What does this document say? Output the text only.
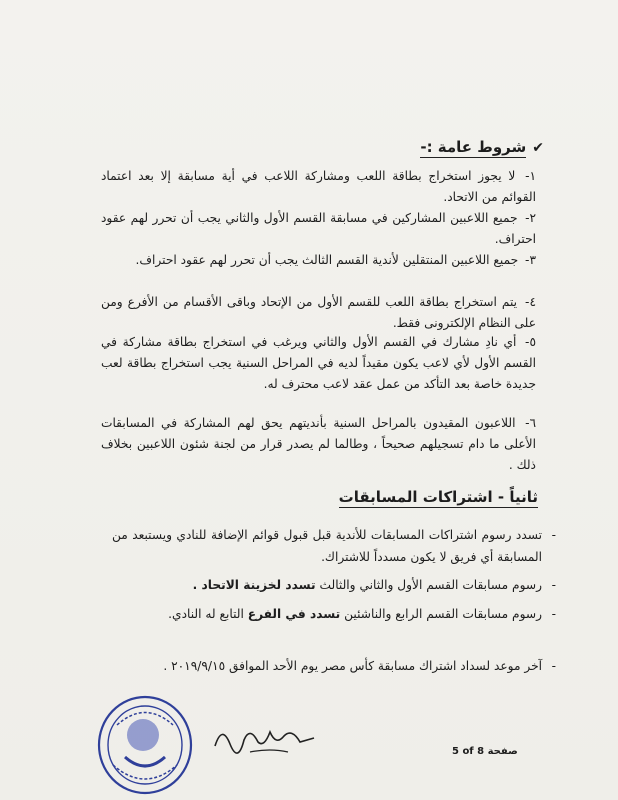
✔
شروط عامة :-
١- لا يجوز استخراج بطاقة اللعب ومشاركة اللاعب في أية مسابقة إلا بعد اعتماد القوائم من الاتحاد.
٢- جميع اللاعبين المشاركين في مسابقة القسم الأول والثاني يجب أن تحرر لهم عقود احتراف.
٣- جميع اللاعبين المنتقلين لأندية القسم الثالث يجب أن تحرر لهم عقود احتراف.
٤- يتم استخراج بطاقة اللعب للقسم الأول من الإتحاد وباقى الأقسام من الأفرع ومن على النظام الإلكترونى فقط.
٥- أي نادِ مشارك في القسم الأول والثاني ويرغب في استخراج بطاقة مشاركة في القسم الأول لأي لاعب يكون مقيداً لديه في المراحل السنية يجب استخراج بطاقة لعب جديدة خاصة بعد التأكد من عمل عقد لاعب محترف له.
٦- اللاعبون المقيدون بالمراحل السنية بأنديتهم يحق لهم المشاركة في المسابقات الأعلى ما دام تسجيلهم صحيحاً ، وطالما لم يصدر قرار من لجنة شئون اللاعبين بخلاف ذلك .
ثانياً - اشتراكات المسابقات
-
تسدد رسوم اشتراكات المسابقات للأندية قبل قبول قوائم الإضافة للنادي ويستبعد من المسابقة أي فريق لا يكون مسدداً للاشتراك.
-
رسوم مسابقات القسم الأول والثاني والثالث تسدد لخزينة الاتحاد .
-
رسوم مسابقات القسم الرابع والناشئين تسدد في الفرع التابع له النادي.
-
آخر موعد لسداد اشتراك مسابقة كأس مصر يوم الأحد الموافق ٢٠١٩/٩/١٥ .
5 of 8 صفحة
